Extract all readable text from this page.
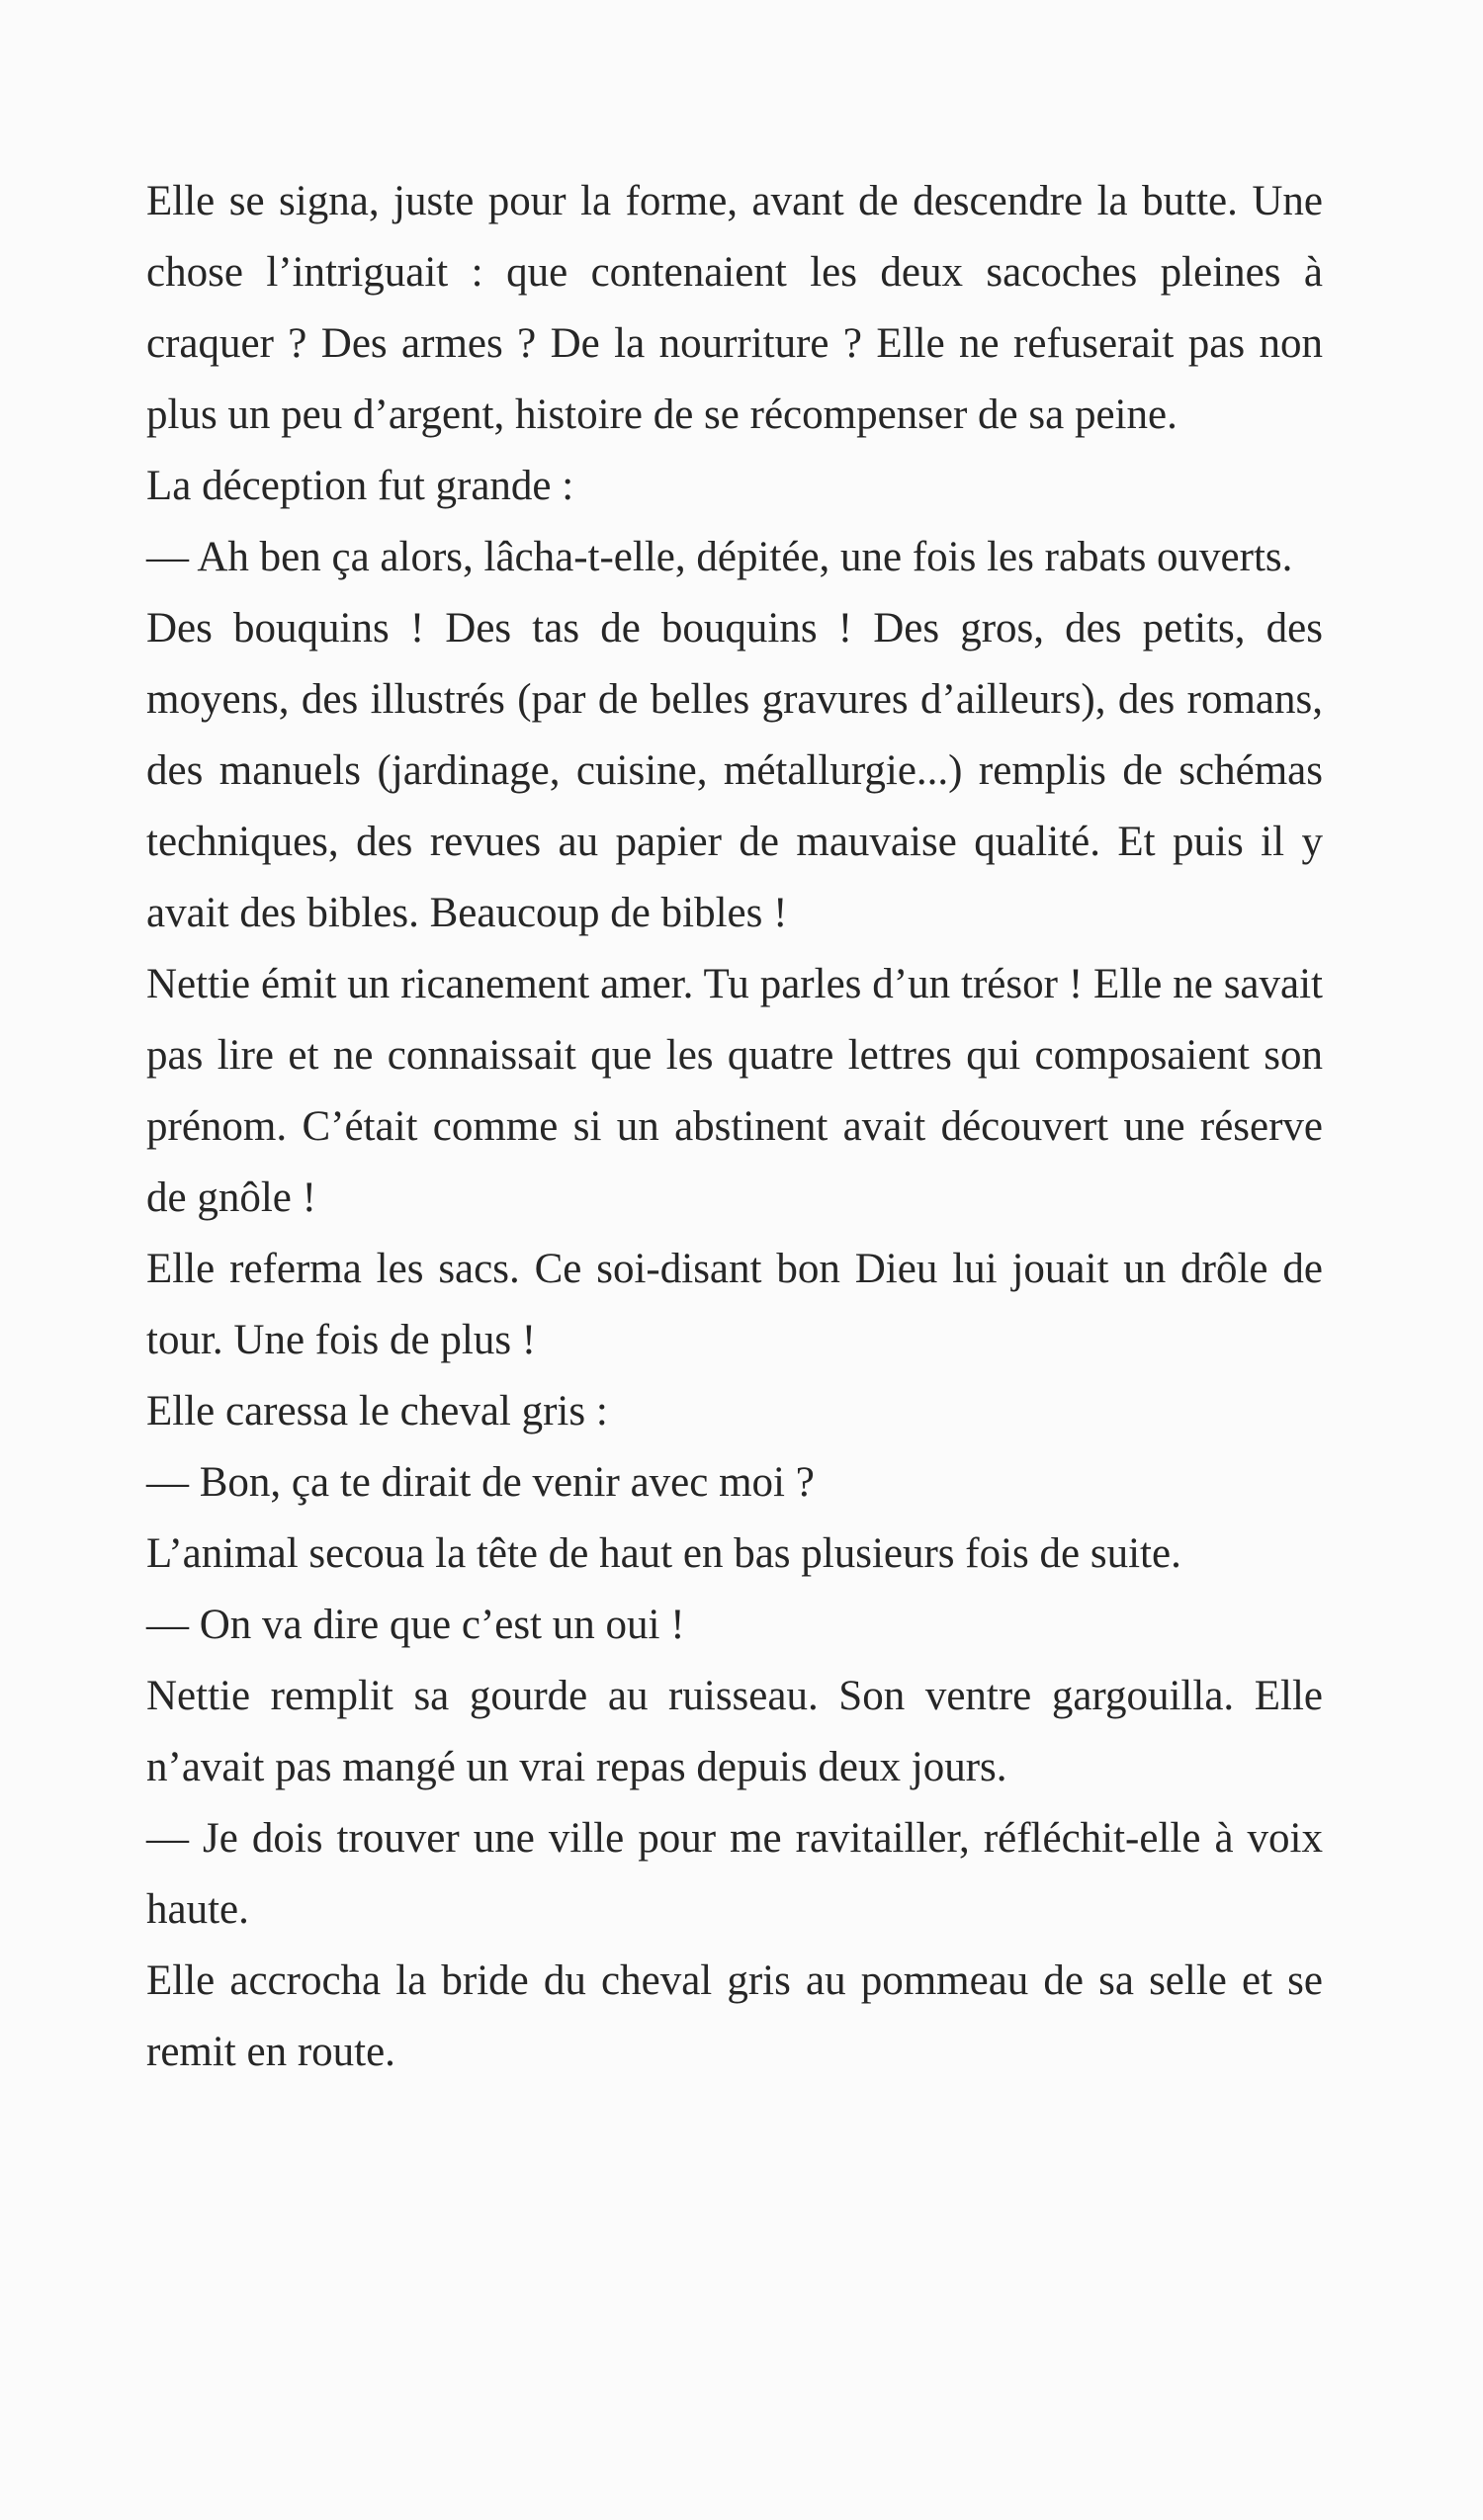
Elle se signa, juste pour la forme, avant de descendre la butte. Une chose l’intriguait : que contenaient les deux sacoches pleines à craquer ? Des armes ? De la nourriture ? Elle ne refuserait pas non plus un peu d’argent, histoire de se récompenser de sa peine.

La déception fut grande :

— Ah ben ça alors, lâcha-t-elle, dépitée, une fois les rabats ouverts.

Des bouquins ! Des tas de bouquins ! Des gros, des petits, des moyens, des illustrés (par de belles gravures d’ailleurs), des romans, des manuels (jardinage, cuisine, métallurgie...) remplis de schémas techniques, des revues au papier de mauvaise qualité. Et puis il y avait des bibles. Beaucoup de bibles !

Nettie émit un ricanement amer. Tu parles d’un trésor ! Elle ne savait pas lire et ne connaissait que les quatre lettres qui composaient son prénom. C’était comme si un abstinent avait découvert une réserve de gnôle !

Elle referma les sacs. Ce soi-disant bon Dieu lui jouait un drôle de tour. Une fois de plus !

Elle caressa le cheval gris :

— Bon, ça te dirait de venir avec moi ?

L’animal secoua la tête de haut en bas plusieurs fois de suite.

— On va dire que c’est un oui !

Nettie remplit sa gourde au ruisseau. Son ventre gargouilla. Elle n’avait pas mangé un vrai repas depuis deux jours.

— Je dois trouver une ville pour me ravitailler, réfléchit-elle à voix haute.

Elle accrocha la bride du cheval gris au pommeau de sa selle et se remit en route.
